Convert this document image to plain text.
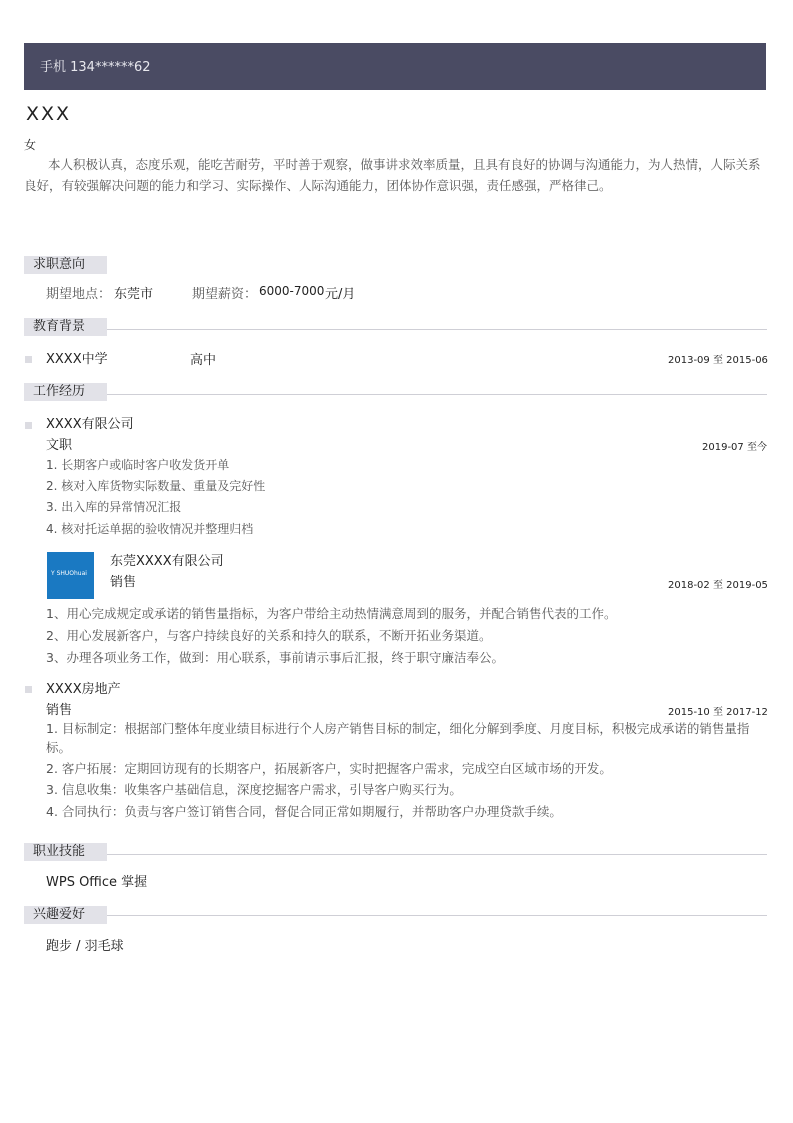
手机 134******62
XXX
女
本人积极认真，态度乐观，能吃苦耐劳，平时善于观察，做事讲求效率质量，且具有良好的协调与沟通能力，为人热情，人际关系良好，有较强解决问题的能力和学习、实际操作、人际沟通能力，团体协作意识强，责任感强，严格律己。
求职意向
期望地点： 东莞市	期望薪资： 6000-7000 元/月
教育背景
XXXX中学	高中	2013-09 至 2015-06
工作经历
XXXX有限公司
文职	2019-07 至今
1. 长期客户或临时客户收发货开单
2. 核对入库货物实际数量、重量及完好性
3. 出入库的异常情况汇报
4. 核对托运单据的验收情况并整理归档
Y SHUOhuai
东莞XXXX有限公司
销售	2018-02 至 2019-05
1、用心完成规定或承诺的销售量指标，为客户带给主动热情满意周到的服务，并配合销售代表的工作。
2、用心发展新客户，与客户持续良好的关系和持久的联系，不断开拓业务渠道。
3、办理各项业务工作，做到：用心联系，事前请示事后汇报，终于职守廉洁奉公。
XXXX房地产
销售	2015-10 至 2017-12
1. 目标制定：根据部门整体年度业绩目标进行个人房产销售目标的制定，细化分解到季度、月度目标，积极完成承诺的销售量指标。
2. 客户拓展：定期回访现有的长期客户，拓展新客户，实时把握客户需求，完成空白区域市场的开发。
3. 信息收集：收集客户基础信息，深度挖掘客户需求，引导客户购买行为。
4. 合同执行：负责与客户签订销售合同，督促合同正常如期履行，并帮助客户办理贷款手续。
职业技能
WPS Office 掌握
兴趣爱好
跑步 / 羽毛球
